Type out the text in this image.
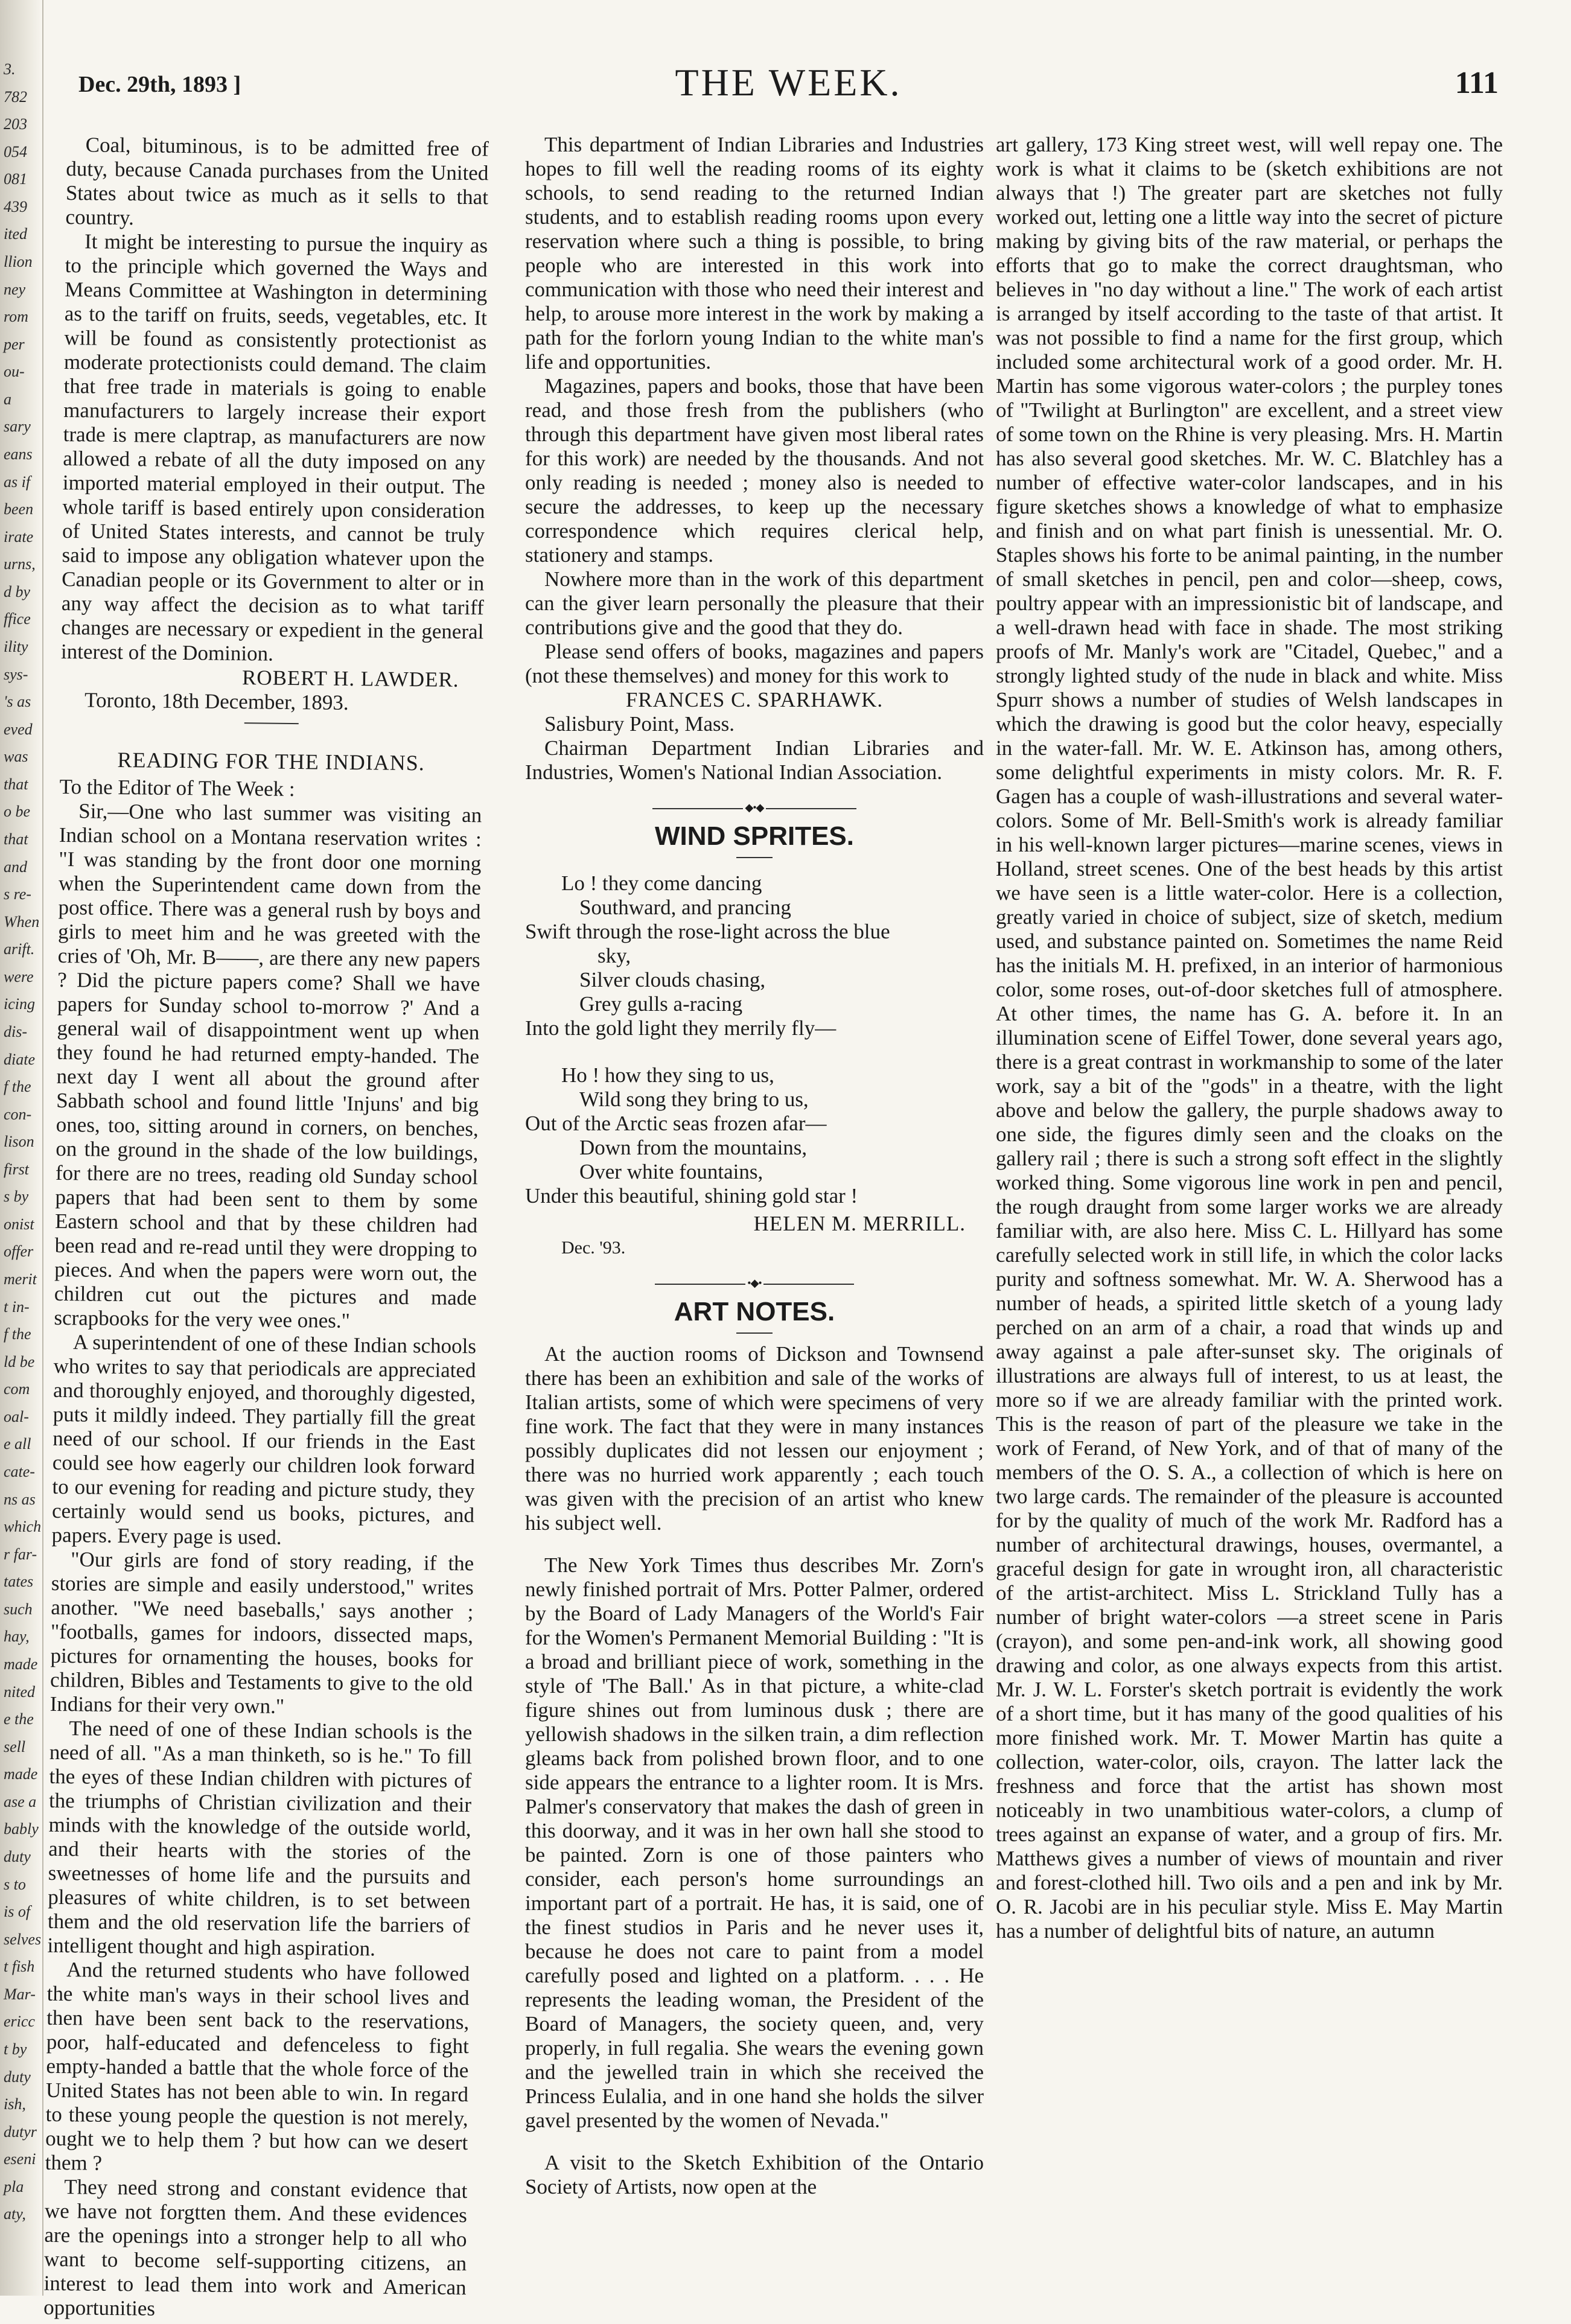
3.
782
203
054
081
439
ited
llion
ney
rom
per
ou-
a
sary
eans
as if
been
irate
urns,
d by
ffice
ility
sys-
's as
eved
was
that
o be
that
and
s re-
When
arift.
were
icing
dis-
diate
f the
con-
lison
first
s by
onist
offer
merit
t in-
f the
ld be
com
oal-
e all
cate-
ns as
which
r far-
tates
such
hay,
made
nited
e the
sell
made
ase a
bably
duty
s to
is of
selves
t fish
Mar-
ericc
t by
duty
ish,
dutyr
eseni
pla
aty,
Dec. 29th, 1893 ]	THE WEEK.	111

Coal, bituminous, is to be admitted free of duty, because Canada purchases from the United States about twice as much as it sells to that country.

It might be interesting to pursue the inquiry as to the principle which governed the Ways and Means Committee at Washington in determining as to the tariff on fruits, seeds, vegetables, etc. It will be found as consistently protectionist as moderate protectionists could demand. The claim that free trade in materials is going to enable manufacturers to largely increase their export trade is mere claptrap, as manufacturers are now allowed a rebate of all the duty imposed on any imported material employed in their output. The whole tariff is based entirely upon consideration of United States interests, and cannot be truly said to impose any obligation whatever upon the Canadian people or its Government to alter or in any way affect the decision as to what tariff changes are necessary or expedient in the general interest of the Dominion.

ROBERT H. LAWDER.

Toronto, 18th December, 1893.

READING FOR THE INDIANS.

To the Editor of The Week :

Sir,—One who last summer was visiting an Indian school on a Montana reservation writes : "I was standing by the front door one morning when the Superintendent came down from the post office. There was a general rush by boys and girls to meet him and he was greeted with the cries of 'Oh, Mr. B——, are there any new papers ? Did the picture papers come? Shall we have papers for Sunday school to-morrow ?' And a general wail of disappointment went up when they found he had returned empty-handed. The next day I went all about the ground after Sabbath school and found little 'Injuns' and big ones, too, sitting around in corners, on benches, on the ground in the shade of the low buildings, for there are no trees, reading old Sunday school papers that had been sent to them by some Eastern school and that by these children had been read and re-read until they were dropping to pieces. And when the papers were worn out, the children cut out the pictures and made scrapbooks for the very wee ones."

A superintendent of one of these Indian schools who writes to say that periodicals are appreciated and thoroughly enjoyed, and thoroughly digested, puts it mildly indeed. They partially fill the great need of our school. If our friends in the East could see how eagerly our children look forward to our evening for reading and picture study, they certainly would send us books, pictures, and papers. Every page is used.

"Our girls are fond of story reading, if the stories are simple and easily understood," writes another. "We need baseballs,' says another ; "footballs, games for indoors, dissected maps, pictures for ornamenting the houses, books for children, Bibles and Testaments to give to the old Indians for their very own."

The need of one of these Indian schools is the need of all. "As a man thinketh, so is he." To fill the eyes of these Indian children with pictures of the triumphs of Christian civilization and their minds with the knowledge of the outside world, and their hearts with the stories of the sweetnesses of home life and the pursuits and pleasures of white children, is to set between them and the old reservation life the barriers of intelligent thought and high aspiration.

And the returned students who have followed the white man's ways in their school lives and then have been sent back to the reservations, poor, half-educated and defenceless to fight empty-handed a battle that the whole force of the United States has not been able to win. In regard to these young people the question is not merely, ought we to help them ? but how can we desert them ?

They need strong and constant evidence that we have not forgtten them. And these evidences are the openings into a stronger help to all who want to become self-supporting citizens, an interest to lead them into work and American opportunities

This department of Indian Libraries and Industries hopes to fill well the reading rooms of its eighty schools, to send reading to the returned Indian students, and to establish reading rooms upon every reservation where such a thing is possible, to bring people who are interested in this work into communication with those who need their interest and help, to arouse more interest in the work by making a path for the forlorn young Indian to the white man's life and opportunities.

Magazines, papers and books, those that have been read, and those fresh from the publishers (who through this department have given most liberal rates for this work) are needed by the thousands. And not only reading is needed ; money also is needed to secure the addresses, to keep up the necessary correspondence which requires clerical help, stationery and stamps.

Nowhere more than in the work of this department can the giver learn personally the pleasure that their contributions give and the good that they do.

Please send offers of books, magazines and papers (not these themselves) and money for this work to

FRANCES C. SPARHAWK.

Salisbury Point, Mass.

Chairman Department Indian Libraries and Industries, Women's National Indian Association.

◆•◆
WIND SPRITES.
Lo ! they come dancing
Southward, and prancing
Swift through the rose-light across the blue
sky,
Silver clouds chasing,
Grey gulls a-racing
Into the gold light they merrily fly—
Ho ! how they sing to us,
Wild song they bring to us,
Out of the Arctic seas frozen afar—
Down from the mountains,
Over white fountains,
Under this beautiful, shining gold star !

HELEN M. MERRILL.

Dec. '93.

•◆•
ART NOTES.

At the auction rooms of Dickson and Townsend there has been an exhibition and sale of the works of Italian artists, some of which were specimens of very fine work. The fact that they were in many instances possibly duplicates did not lessen our enjoyment ; there was no hurried work apparently ; each touch was given with the precision of an artist who knew his subject well.

The New York Times thus describes Mr. Zorn's newly finished portrait of Mrs. Potter Palmer, ordered by the Board of Lady Managers of the World's Fair for the Women's Permanent Memorial Building : "It is a broad and brilliant piece of work, something in the style of 'The Ball.' As in that picture, a white-clad figure shines out from luminous dusk ; there are yellowish shadows in the silken train, a dim reflection gleams back from polished brown floor, and to one side appears the entrance to a lighter room. It is Mrs. Palmer's conservatory that makes the dash of green in this doorway, and it was in her own hall she stood to be painted. Zorn is one of those painters who consider, each person's home surroundings an important part of a portrait. He has, it is said, one of the finest studios in Paris and he never uses it, because he does not care to paint from a model carefully posed and lighted on a platform. . . . He represents the leading woman, the President of the Board of Managers, the society queen, and, very properly, in full regalia. She wears the evening gown and the jewelled train in which she received the Princess Eulalia, and in one hand she holds the silver gavel presented by the women of Nevada."

A visit to the Sketch Exhibition of the Ontario Society of Artists, now open at the

art gallery, 173 King street west, will well repay one. The work is what it claims to be (sketch exhibitions are not always that !) The greater part are sketches not fully worked out, letting one a little way into the secret of picture making by giving bits of the raw material, or perhaps the efforts that go to make the correct draughtsman, who believes in "no day without a line." The work of each artist is arranged by itself according to the taste of that artist. It was not possible to find a name for the first group, which included some architectural work of a good order. Mr. H. Martin has some vigorous water-colors ; the purpley tones of "Twilight at Burlington" are excellent, and a street view of some town on the Rhine is very pleasing. Mrs. H. Martin has also several good sketches. Mr. W. C. Blatchley has a number of effective water-color landscapes, and in his figure sketches shows a knowledge of what to emphasize and finish and on what part finish is unessential. Mr. O. Staples shows his forte to be animal painting, in the number of small sketches in pencil, pen and color—sheep, cows, poultry appear with an impressionistic bit of landscape, and a well-drawn head with face in shade. The most striking proofs of Mr. Manly's work are "Citadel, Quebec," and a strongly lighted study of the nude in black and white. Miss Spurr shows a number of studies of Welsh landscapes in which the drawing is good but the color heavy, especially in the water-fall. Mr. W. E. Atkinson has, among others, some delightful experiments in misty colors. Mr. R. F. Gagen has a couple of wash-illustrations and several water-colors. Some of Mr. Bell-Smith's work is already familiar in his well-known larger pictures—marine scenes, views in Holland, street scenes. One of the best heads by this artist we have seen is a little water-color. Here is a collection, greatly varied in choice of subject, size of sketch, medium used, and substance painted on. Sometimes the name Reid has the initials M. H. prefixed, in an interior of harmonious color, some roses, out-of-door sketches full of atmosphere. At other times, the name has G. A. before it. In an illumination scene of Eiffel Tower, done several years ago, there is a great contrast in workmanship to some of the later work, say a bit of the "gods" in a theatre, with the light above and below the gallery, the purple shadows away to one side, the figures dimly seen and the cloaks on the gallery rail ; there is such a strong soft effect in the slightly worked thing. Some vigorous line work in pen and pencil, the rough draught from some larger works we are already familiar with, are also here. Miss C. L. Hillyard has some carefully selected work in still life, in which the color lacks purity and softness somewhat. Mr. W. A. Sherwood has a number of heads, a spirited little sketch of a young lady perched on an arm of a chair, a road that winds up and away against a pale after-sunset sky. The originals of illustrations are always full of interest, to us at least, the more so if we are already familiar with the printed work. This is the reason of part of the pleasure we take in the work of Ferand, of New York, and of that of many of the members of the O. S. A., a collection of which is here on two large cards. The remainder of the pleasure is accounted for by the quality of much of the work Mr. Radford has a number of architectural drawings, houses, overmantel, a graceful design for gate in wrought iron, all characteristic of the artist-architect. Miss L. Strickland Tully has a number of bright water-colors —a street scene in Paris (crayon), and some pen-and-ink work, all showing good drawing and color, as one always expects from this artist. Mr. J. W. L. Forster's sketch portrait is evidently the work of a short time, but it has many of the good qualities of his more finished work. Mr. T. Mower Martin has quite a collection, water-color, oils, crayon. The latter lack the freshness and force that the artist has shown most noticeably in two unambitious water-colors, a clump of trees against an expanse of water, and a group of firs. Mr. Matthews gives a number of views of mountain and river and forest-clothed hill. Two oils and a pen and ink by Mr. O. R. Jacobi are in his peculiar style. Miss E. May Martin has a number of delightful bits of nature, an autumn
